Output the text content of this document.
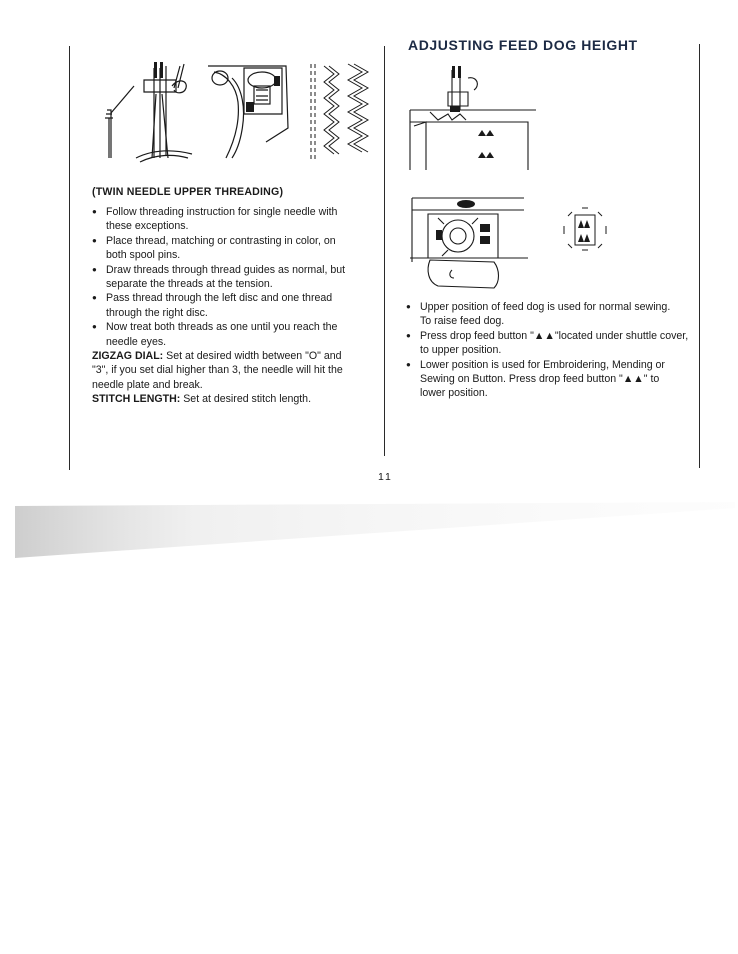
ADJUSTING FEED DOG HEIGHT
(TWIN NEEDLE UPPER THREADING)
● Follow threading instruction for single needle with
these exceptions.
● Place thread, matching or contrasting in color, on
both spool pins.
● Draw threads through thread guides as normal, but
separate the threads at the tension.
● Pass thread through the left disc and one thread
through the right disc.
● Now treat both threads as one until you reach the
needle eyes.
ZIGZAG DIAL: Set at desired width between "O" and
"3", if you set dial higher than 3, the needle will hit the
needle plate and break.
STITCH LENGTH: Set at desired stitch length.
● Upper position of feed dog is used for normal sewing.
To raise feed dog.
● Press drop feed button "▲▲"located under shuttle cover,
to upper position.
● Lower position is used for Embroidering, Mending or
Sewing on Button. Press drop feed button "▲▲" to
lower position.
11
